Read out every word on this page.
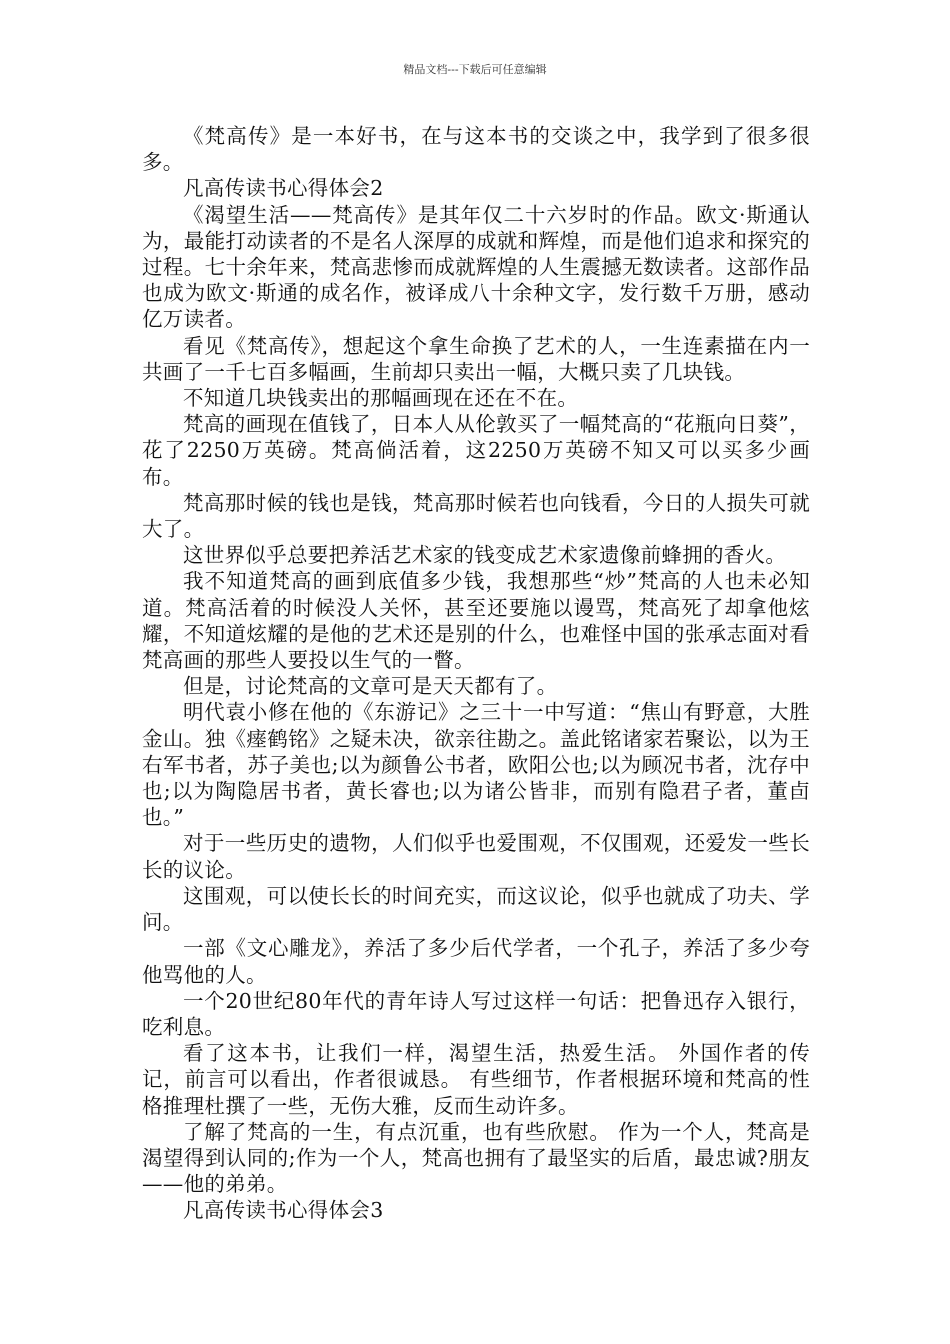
精品文档---下载后可任意编辑

《梵高传》是一本好书，在与这本书的交谈之中，我学到了很多很多。

凡高传读书心得体会2

《渴望生活——梵高传》是其年仅二十六岁时的作品。欧文·斯通认为，最能打动读者的不是名人深厚的成就和辉煌，而是他们追求和探究的过程。七十余年来，梵高悲惨而成就辉煌的人生震撼无数读者。这部作品也成为欧文·斯通的成名作，被译成八十余种文字，发行数千万册，感动亿万读者。

看见《梵高传》，想起这个拿生命换了艺术的人，一生连素描在内一共画了一千七百多幅画，生前却只卖出一幅，大概只卖了几块钱。

不知道几块钱卖出的那幅画现在还在不在。

梵高的画现在值钱了，日本人从伦敦买了一幅梵高的“花瓶向日葵”，花了2250万英磅。梵高倘活着，这2250万英磅不知又可以买多少画布。

梵高那时候的钱也是钱，梵高那时候若也向钱看，今日的人损失可就大了。

这世界似乎总要把养活艺术家的钱变成艺术家遗像前蜂拥的香火。

我不知道梵高的画到底值多少钱，我想那些“炒”梵高的人也未必知道。梵高活着的时候没人关怀，甚至还要施以谩骂，梵高死了却拿他炫耀，不知道炫耀的是他的艺术还是别的什么，也难怪中国的张承志面对看梵高画的那些人要投以生气的一瞥。

但是，讨论梵高的文章可是天天都有了。

明代袁小修在他的《东游记》之三十一中写道：“焦山有野意，大胜金山。独《瘗鹤铭》之疑未决，欲亲往勘之。盖此铭诸家若聚讼，以为王右军书者，苏子美也;以为颜鲁公书者，欧阳公也;以为顾况书者，沈存中也;以为陶隐居书者，黄长睿也;以为诸公皆非，而别有隐君子者，董卣也。”

对于一些历史的遗物，人们似乎也爱围观，不仅围观，还爱发一些长长的议论。

这围观，可以使长长的时间充实，而这议论，似乎也就成了功夫、学问。

一部《文心雕龙》，养活了多少后代学者，一个孔子，养活了多少夸他骂他的人。

一个20世纪80年代的青年诗人写过这样一句话：把鲁迅存入银行，吃利息。

看了这本书，让我们一样，渴望生活，热爱生活。 外国作者的传记，前言可以看出，作者很诚恳。 有些细节，作者根据环境和梵高的性格推理杜撰了一些，无伤大雅，反而生动许多。

了解了梵高的一生，有点沉重，也有些欣慰。 作为一个人，梵高是渴望得到认同的;作为一个人，梵高也拥有了最坚实的后盾，最忠诚?朋友——他的弟弟。

凡高传读书心得体会3
